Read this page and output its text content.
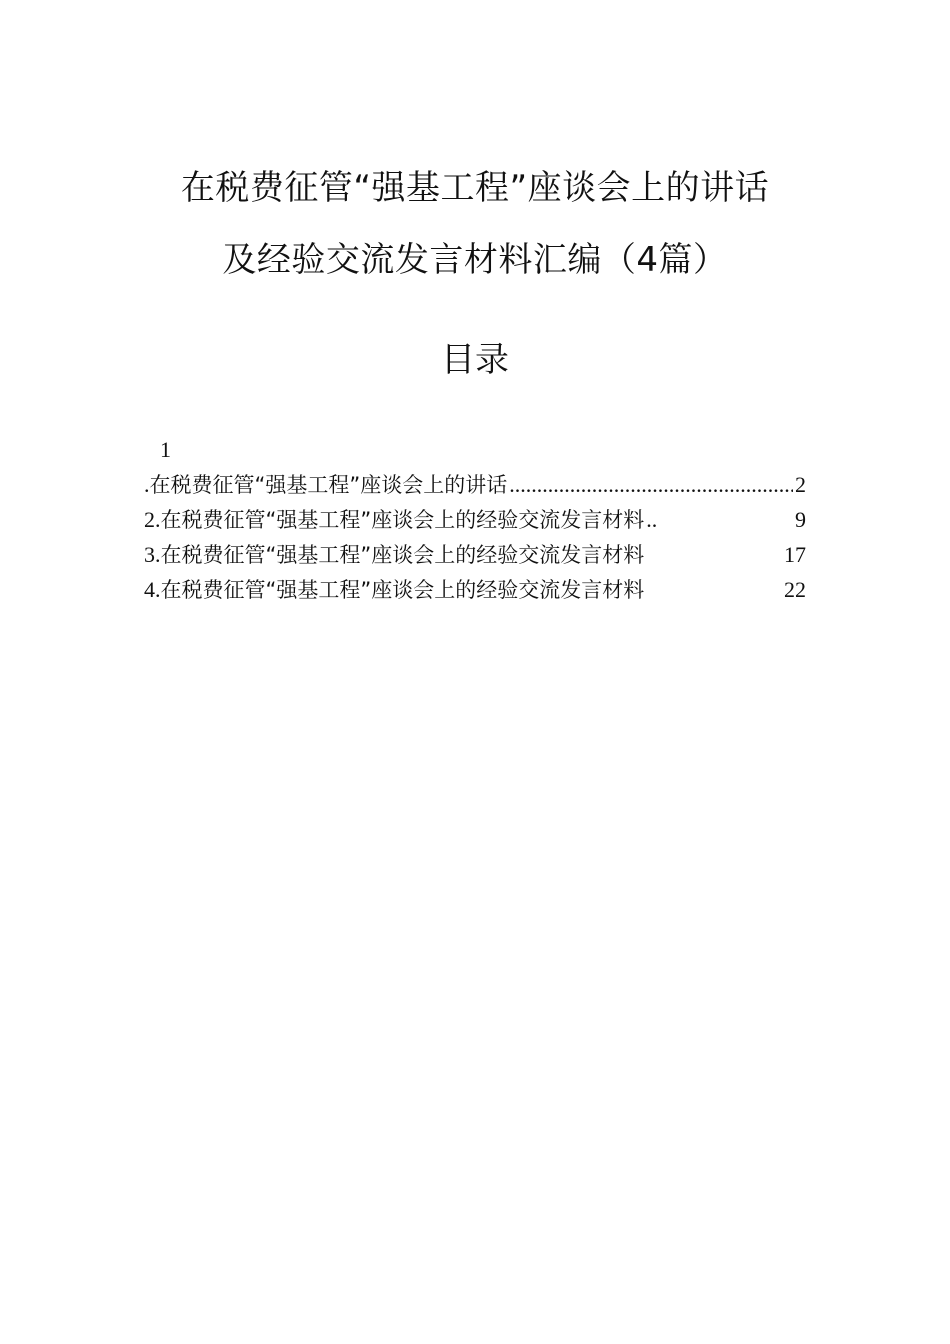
在税费征管“强基工程”座谈会上的讲话
及经验交流发言材料汇编（4篇）
目录
1
. 在税费征管“强基工程”座谈会上的讲话 .....	2
2. 在税费征管“强基工程”座谈会上的经验交流发言材料 .....	9
3. 在税费征管“强基工程”座谈会上的经验交流发言材料	17
4. 在税费征管“强基工程”座谈会上的经验交流发言材料	22
